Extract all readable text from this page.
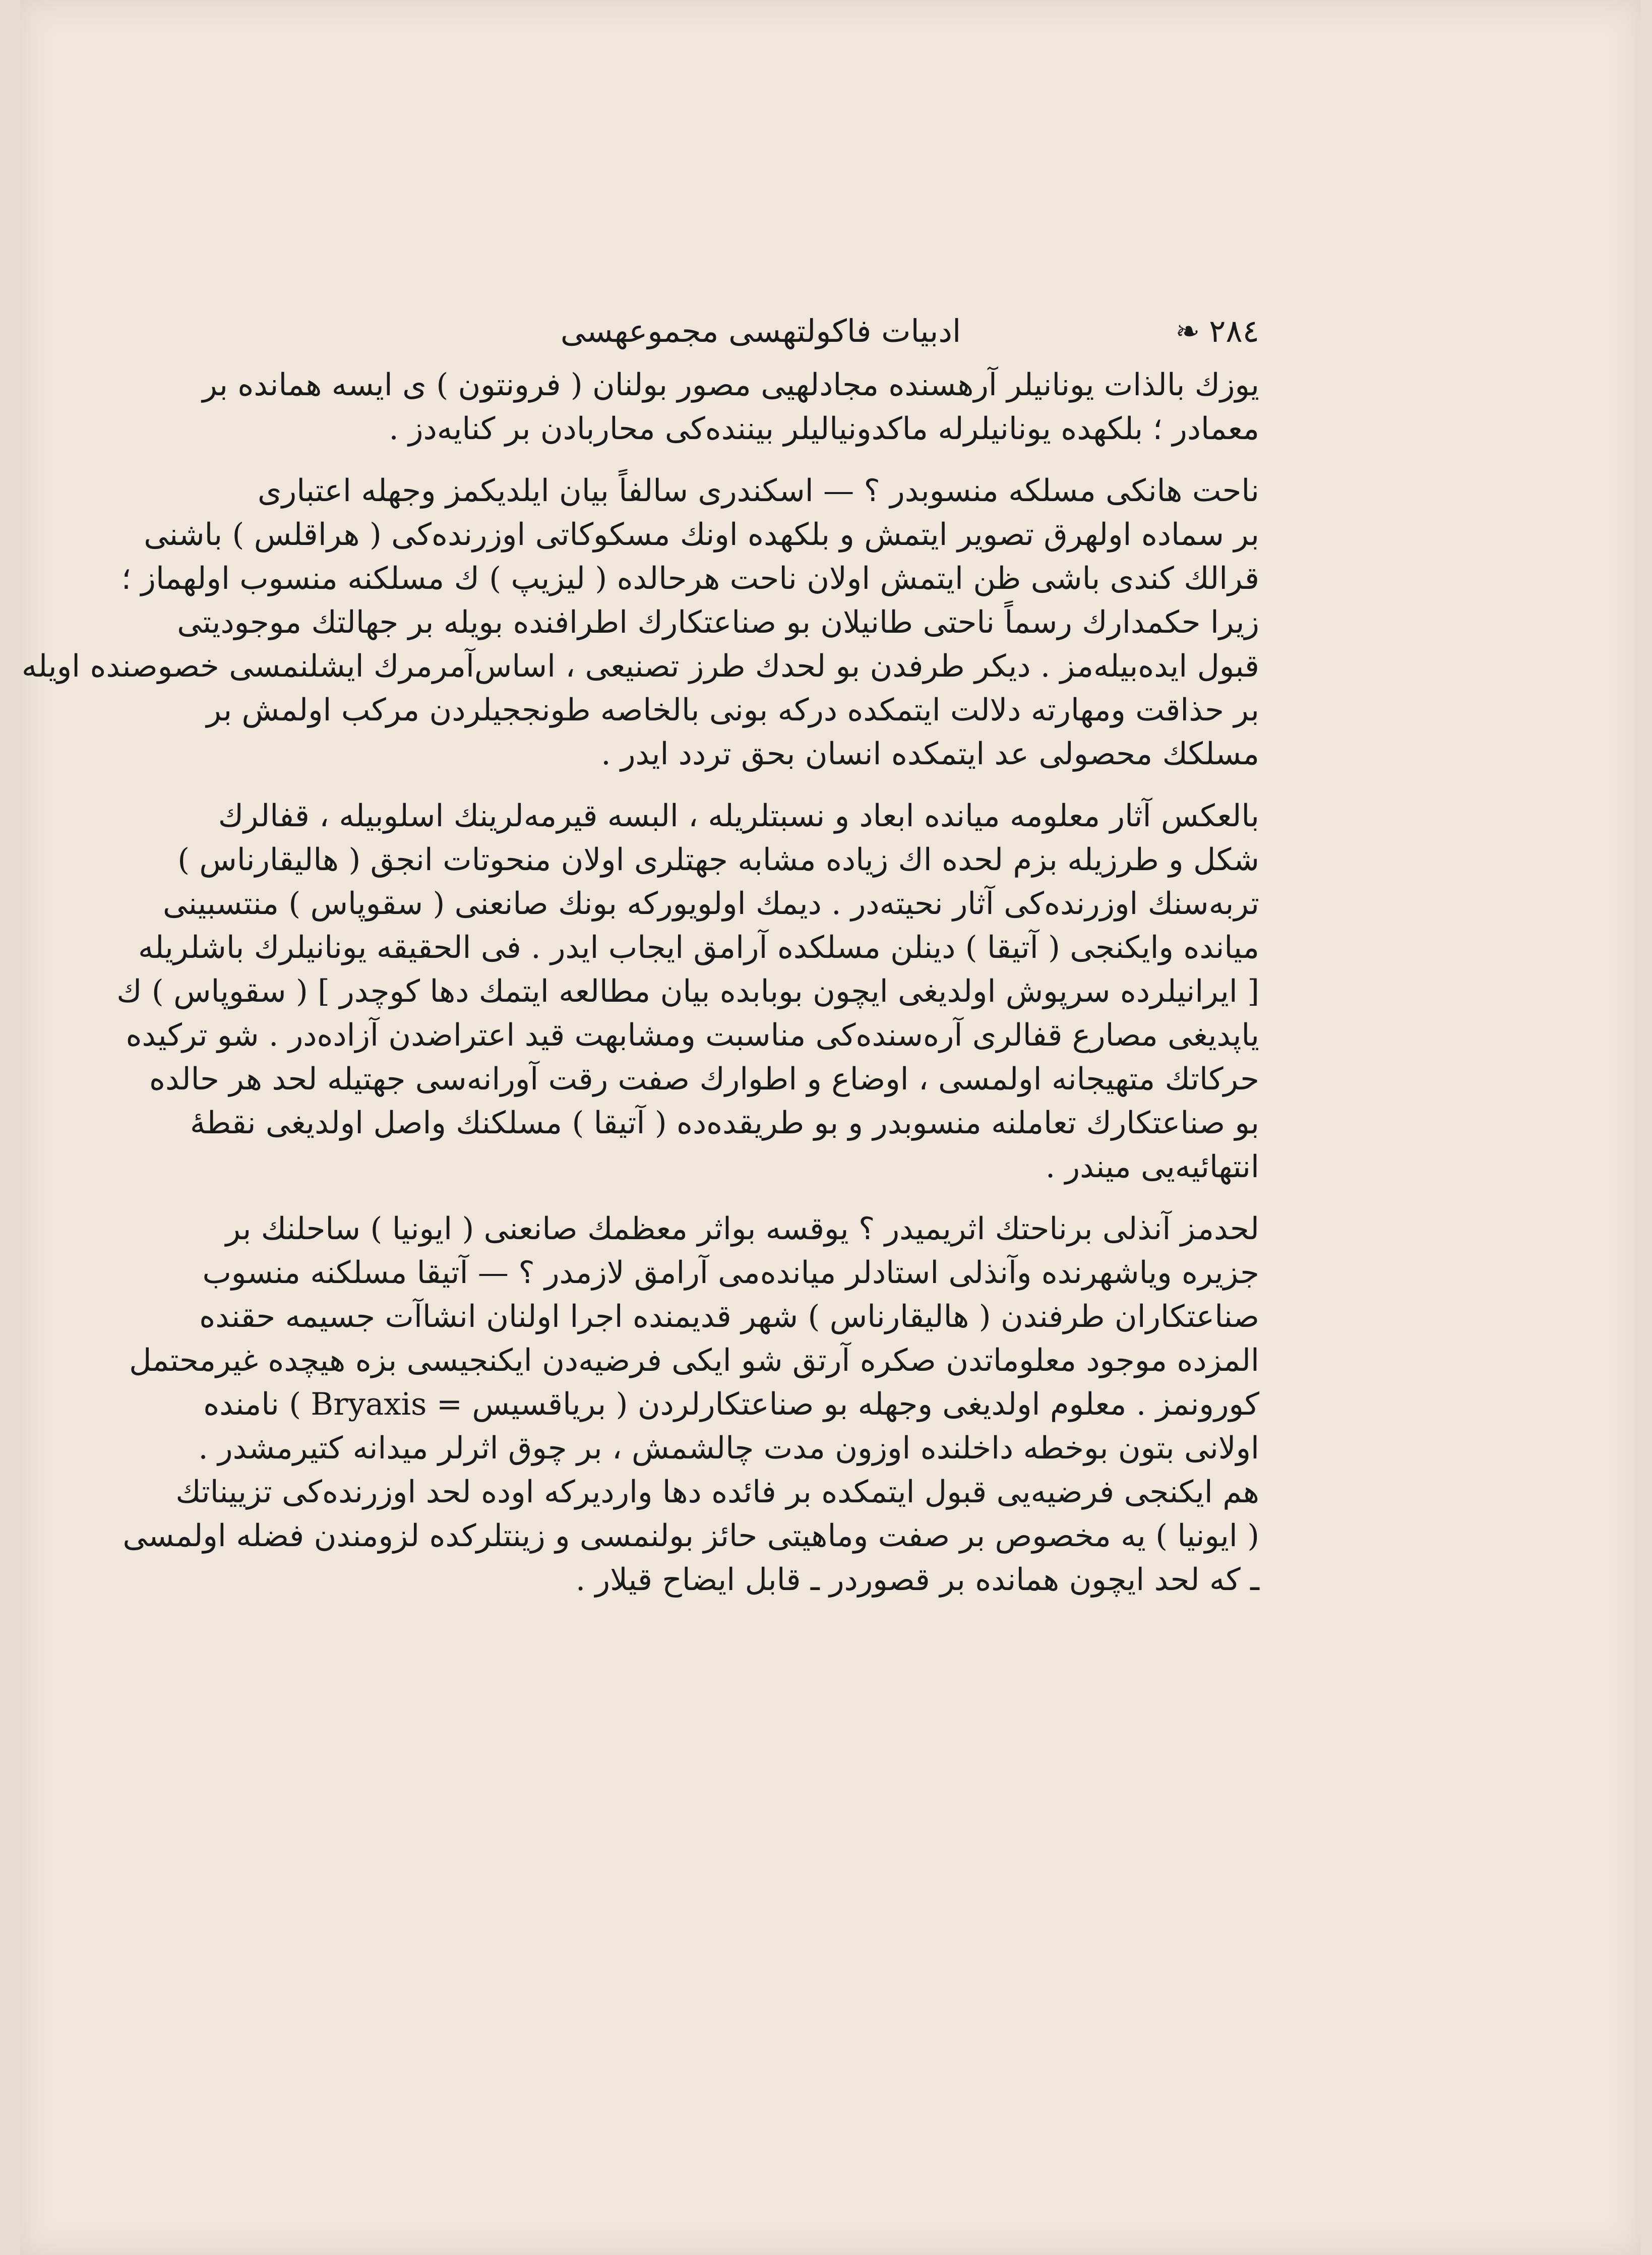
٢٨٤
❧
ادبيات فاكولتهسى مجموعهسى
يوزك بالذات يونانيلر آرهسنده مجادلهيى مصور بولنان ( فرونتون ) ى ايسه همانده بر
معمادر ؛ بلكهده يونانيلرله ماكدونياليلر بيننده‌كى محاربادن بر كنايه‌دز .
ناحت هانكى مسلكه منسوبدر ؟ — اسكندرى سالفاً بيان ايلديكمز وجهله اعتبارى
بر سماده اولهرق تصوير ايتمش و بلكهده اونك مسكوكاتى اوزرنده‌كى ( هراقلس ) باشنى
قرالك كندى باشى ظن ايتمش اولان ناحت هرحالده ( ليزيپ ) ك مسلكنه منسوب اولهماز ؛
زيرا حكمدارك رسماً ناحتى طانيلان بو صناعتكارك اطرافنده بويله بر جهالتك موجوديتى
قبول ايده‌بيله‌مز . ديكر طرفدن بو لحدك طرز تصنيعى ، اساس‌آمرمرك ايشلنمسى خصوصنده اويله
بر حذاقت ومهارته دلالت ايتمكده دركه بونى بالخاصه طونججيلردن مركب اولمش بر
مسلكك محصولى عد ايتمكده انسان بحق تردد ايدر .
بالعكس آثار معلومه ميانده ابعاد و نسبتلريله ، البسه قيرمه‌لرينك اسلوبيله ، قفالرك
شكل و طرزيله بزم لحده اك زياده مشابه جهتلرى اولان منحوتات انجق ( هاليقارناس )
تربه‌سنك اوزرنده‌كى آثار نحيته‌در . ديمك اولويوركه بونك صانعنى ( سقوپاس ) منتسبينى
ميانده وايكنجى ( آتيقا ) دينلن مسلكده آرامق ايجاب ايدر . فى الحقيقه يونانيلرك باشلريله
[ ايرانيلرده سرپوش اولديغى ايچون بوبابده بيان مطالعه ايتمك دها كوچدر ] ( سقوپاس ) ك
ياپديغى مصارع قفالرى آره‌سنده‌كى مناسبت ومشابهت قيد اعتراضدن آزاده‌در . شو تركيده
حركاتك متهيجانه اولمسى ، اوضاع و اطوارك صفت رقت آورانه‌سى جهتيله لحد هر حالده
بو صناعتكارك تعاملنه منسوبدر و بو طريقده‌ده ( آتيقا ) مسلكنك واصل اولديغى نقطهٔ
انتهائيه‌يى ميندر .
لحدمز آنذلى برناحتك اثريميدر ؟ يوقسه بواثر معظمك صانعنى ( ايونيا ) ساحلنك بر
جزيره وياشهرنده وآنذلى استادلر ميانده‌مى آرامق لازمدر ؟ — آتيقا مسلكنه منسوب
صناعتكاران طرفندن ( هاليقارناس ) شهر قديمنده اجرا اولنان انشاآت جسيمه حقنده
المزده موجود معلوماتدن صكره آرتق شو ايكى فرضيه‌دن ايكنجيسى بزه هيچده غيرمحتمل
كورونمز . معلوم اولديغى وجهله بو صناعتكارلردن ( برياقسيس = Bryaxis ) نامنده
اولانى بتون بوخطه داخلنده اوزون مدت چالشمش ، بر چوق اثرلر ميدانه كتيرمشدر .
هم ايكنجى فرضيه‌يى قبول ايتمكده بر فائده دها وارديركه اوده لحد اوزرنده‌كى تزييناتك
( ايونيا ) يه مخصوص بر صفت وماهيتى حائز بولنمسى و زينتلركده لزومندن فضله اولمسى
ـ كه لحد ايچون همانده بر قصوردر ـ قابل ايضاح قيلار .
